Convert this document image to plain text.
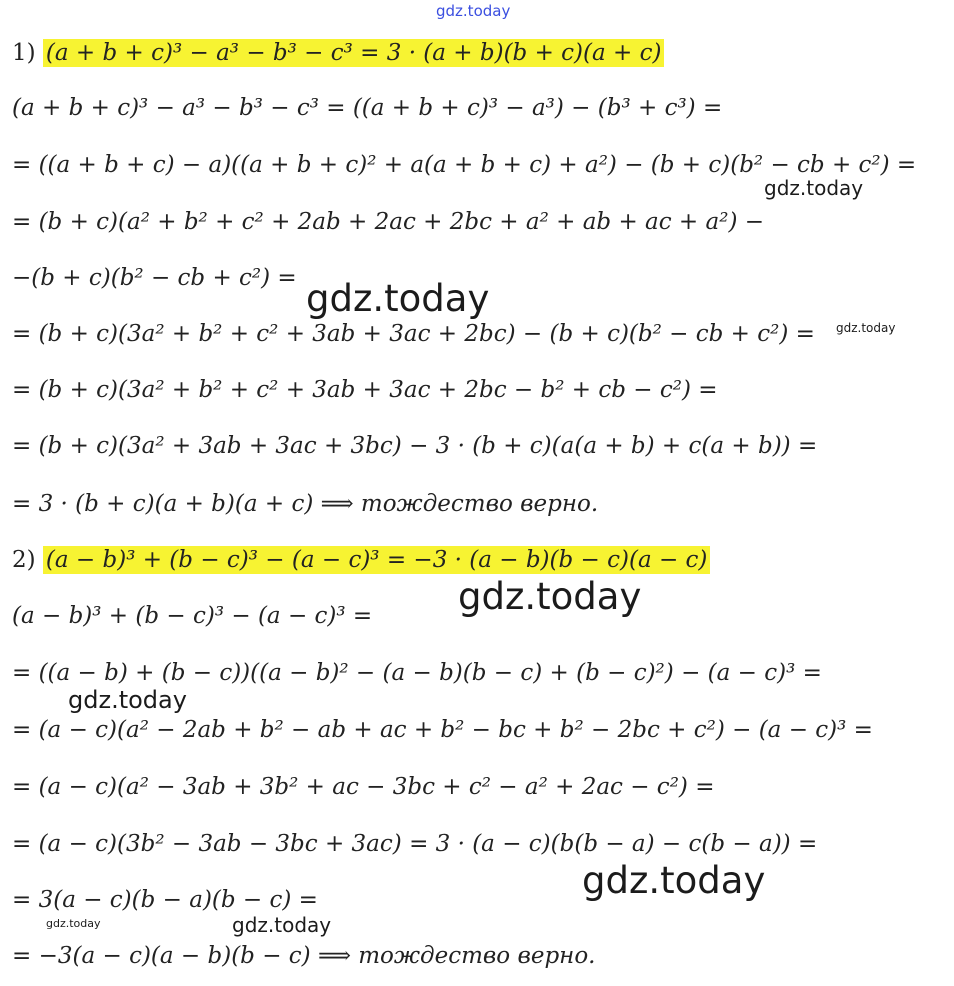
gdz.today
1) (a + b + c)³ − a³ − b³ − c³ = 3 · (a + b)(b + c)(a + c)
(a + b + c)³ − a³ − b³ − c³ = ((a + b + c)³ − a³) − (b³ + c³) =
= ((a + b + c) − a)((a + b + c)² + a(a + b + c) + a²) − (b + c)(b² − cb + c²) =
= (b + c)(a² + b² + c² + 2ab + 2ac + 2bc + a² + ab + ac + a²) −
−(b + c)(b² − cb + c²) =
= (b + c)(3a² + b² + c² + 3ab + 3ac + 2bc) − (b + c)(b² − cb + c²) =
= (b + c)(3a² + b² + c² + 3ab + 3ac + 2bc − b² + cb − c²) =
= (b + c)(3a² + 3ab + 3ac + 3bc) − 3 · (b + c)(a(a + b) + c(a + b)) =
= 3 · (b + c)(a + b)(a + c) ⟹ тождество верно.
2) (a − b)³ + (b − c)³ − (a − c)³ = −3 · (a − b)(b − c)(a − c)
(a − b)³ + (b − c)³ − (a − c)³ =
= ((a − b) + (b − c))((a − b)² − (a − b)(b − c) + (b − c)²) − (a − c)³ =
= (a − c)(a² − 2ab + b² − ab + ac + b² − bc + b² − 2bc + c²) − (a − c)³ =
= (a − c)(a² − 3ab + 3b² + ac − 3bc + c² − a² + 2ac − c²) =
= (a − c)(3b² − 3ab − 3bc + 3ac) = 3 · (a − c)(b(b − a) − c(b − a)) =
= 3(a − c)(b − a)(b − c) =
= −3(a − c)(a − b)(b − c) ⟹ тождество верно.
gdz.today
gdz.today
gdz.today
gdz.today
gdz.today
gdz.today
gdz.today	gdz.today
